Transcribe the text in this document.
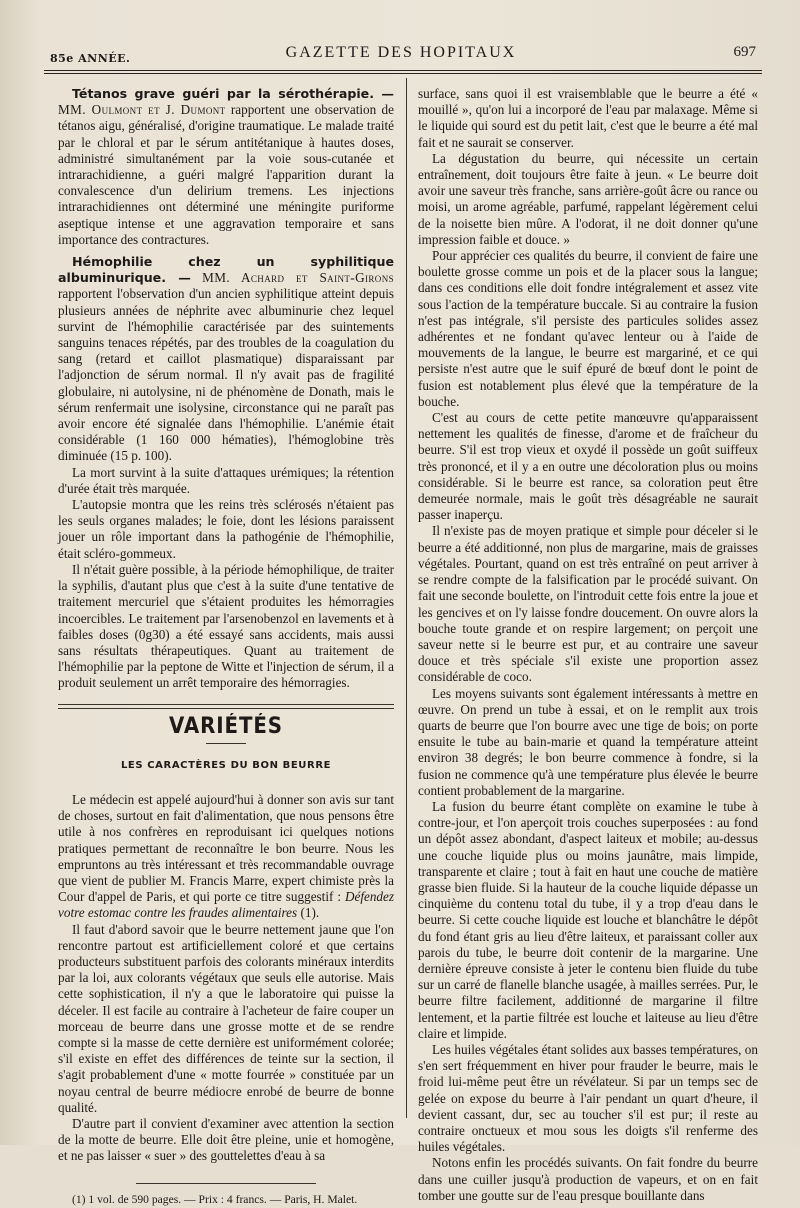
85e ANNÉE.	GAZETTE DES HOPITAUX	697

Tétanos grave guéri par la sérothérapie. — MM. Oulmont et J. Dumont rapportent une observation de tétanos aigu, généralisé, d'origine traumatique. Le malade traité par le chloral et par le sérum antitétanique à hautes doses, administré simultanément par la voie sous-cutanée et intrarachidienne, a guéri malgré l'apparition durant la convalescence d'un delirium tremens. Les injections intrarachidiennes ont déterminé une méningite puriforme aseptique intense et une aggravation temporaire et sans importance des contractures.

Hémophilie chez un syphilitique albuminurique. — MM. Achard et Saint-Girons rapportent l'observation d'un ancien syphilitique atteint depuis plusieurs années de néphrite avec albuminurie chez lequel survint de l'hémophilie caractérisée par des suintements sanguins tenaces répétés, par des troubles de la coagulation du sang (retard et caillot plasmatique) disparaissant par l'adjonction de sérum normal. Il n'y avait pas de fragilité globulaire, ni autolysine, ni de phénomène de Donath, mais le sérum renfermait une isolysine, circonstance qui ne paraît pas avoir encore été signalée dans l'hémophilie. L'anémie était considérable (1 160 000 hématies), l'hémoglobine très diminuée (15 p. 100).

La mort survint à la suite d'attaques urémiques; la rétention d'urée était très marquée.

L'autopsie montra que les reins très sclérosés n'étaient pas les seuls organes malades; le foie, dont les lésions paraissent jouer un rôle important dans la pathogénie de l'hémophilie, était scléro-gommeux.

Il n'était guère possible, à la période hémophilique, de traiter la syphilis, d'autant plus que c'est à la suite d'une tentative de traitement mercuriel que s'étaient produites les hémorragies incoercibles. Le traitement par l'arsenobenzol en lavements et à faibles doses (0g30) a été essayé sans accidents, mais aussi sans résultats thérapeutiques. Quant au traitement de l'hémophilie par la peptone de Witte et l'injection de sérum, il a produit seulement un arrêt temporaire des hémorragies.

VARIÉTÉS
LES CARACTÈRES DU BON BEURRE

Le médecin est appelé aujourd'hui à donner son avis sur tant de choses, surtout en fait d'alimentation, que nous pensons être utile à nos confrères en reproduisant ici quelques notions pratiques permettant de reconnaître le bon beurre. Nous les empruntons au très intéressant et très recommandable ouvrage que vient de publier M. Francis Marre, expert chimiste près la Cour d'appel de Paris, et qui porte ce titre suggestif : Défendez votre estomac contre les fraudes alimentaires (1).

Il faut d'abord savoir que le beurre nettement jaune que l'on rencontre partout est artificiellement coloré et que certains producteurs substituent parfois des colorants minéraux interdits par la loi, aux colorants végétaux que seuls elle autorise. Mais cette sophistication, il n'y a que le laboratoire qui puisse la déceler. Il est facile au contraire à l'acheteur de faire couper un morceau de beurre dans une grosse motte et de se rendre compte si la masse de cette dernière est uniformément colorée; s'il existe en effet des différences de teinte sur la section, il s'agit probablement d'une « motte fourrée » constituée par un noyau central de beurre médiocre enrobé de beurre de bonne qualité.

D'autre part il convient d'examiner avec attention la section de la motte de beurre. Elle doit être pleine, unie et homogène, et ne pas laisser « suer » des gouttelettes d'eau à sa

(1) 1 vol. de 590 pages. — Prix : 4 francs. — Paris, H. Malet.

surface, sans quoi il est vraisemblable que le beurre a été « mouillé », qu'on lui a incorporé de l'eau par malaxage. Même si le liquide qui sourd est du petit lait, c'est que le beurre a été mal fait et ne saurait se conserver.

La dégustation du beurre, qui nécessite un certain entraînement, doit toujours être faite à jeun. « Le beurre doit avoir une saveur très franche, sans arrière-goût âcre ou rance ou moisi, un arome agréable, parfumé, rappelant légèrement celui de la noisette bien mûre. A l'odorat, il ne doit donner qu'une impression faible et douce. »

Pour apprécier ces qualités du beurre, il convient de faire une boulette grosse comme un pois et de la placer sous la langue; dans ces conditions elle doit fondre intégralement et assez vite sous l'action de la température buccale. Si au contraire la fusion n'est pas intégrale, s'il persiste des particules solides assez adhérentes et ne fondant qu'avec lenteur ou à l'aide de mouvements de la langue, le beurre est margariné, et ce qui persiste n'est autre que le suif épuré de bœuf dont le point de fusion est notablement plus élevé que la température de la bouche.

C'est au cours de cette petite manœuvre qu'apparaissent nettement les qualités de finesse, d'arome et de fraîcheur du beurre. S'il est trop vieux et oxydé il possède un goût suiffeux très prononcé, et il y a en outre une décoloration plus ou moins considérable. Si le beurre est rance, sa coloration peut être demeurée normale, mais le goût très désagréable ne saurait passer inaperçu.

Il n'existe pas de moyen pratique et simple pour déceler si le beurre a été additionné, non plus de margarine, mais de graisses végétales. Pourtant, quand on est très entraîné on peut arriver à se rendre compte de la falsification par le procédé suivant. On fait une seconde boulette, on l'introduit cette fois entre la joue et les gencives et on l'y laisse fondre doucement. On ouvre alors la bouche toute grande et on respire largement; on perçoit une saveur nette si le beurre est pur, et au contraire une saveur douce et très spéciale s'il existe une proportion assez considérable de coco.

Les moyens suivants sont également intéressants à mettre en œuvre. On prend un tube à essai, et on le remplit aux trois quarts de beurre que l'on bourre avec une tige de bois; on porte ensuite le tube au bain-marie et quand la température atteint environ 38 degrés; le bon beurre commence à fondre, si la fusion ne commence qu'à une température plus élevée le beurre contient probablement de la margarine.

La fusion du beurre étant complète on examine le tube à contre-jour, et l'on aperçoit trois couches superposées : au fond un dépôt assez abondant, d'aspect laiteux et mobile; au-dessus une couche liquide plus ou moins jaunâtre, mais limpide, transparente et claire ; tout à fait en haut une couche de matière grasse bien fluide. Si la hauteur de la couche liquide dépasse un cinquième du contenu total du tube, il y a trop d'eau dans le beurre. Si cette couche liquide est louche et blanchâtre le dépôt du fond étant gris au lieu d'être laiteux, et paraissant coller aux parois du tube, le beurre doit contenir de la margarine. Une dernière épreuve consiste à jeter le contenu bien fluide du tube sur un carré de flanelle blanche usagée, à mailles serrées. Pur, le beurre filtre facilement, additionné de margarine il filtre lentement, et la partie filtrée est louche et laiteuse au lieu d'être claire et limpide.

Les huiles végétales étant solides aux basses températures, on s'en sert fréquemment en hiver pour frauder le beurre, mais le froid lui-même peut être un révélateur. Si par un temps sec de gelée on expose du beurre à l'air pendant un quart d'heure, il devient cassant, dur, sec au toucher s'il est pur; il reste au contraire onctueux et mou sous les doigts s'il renferme des huiles végétales.

Notons enfin les procédés suivants. On fait fondre du beurre dans une cuiller jusqu'à production de vapeurs, et on en fait tomber une goutte sur de l'eau presque bouillante dans
